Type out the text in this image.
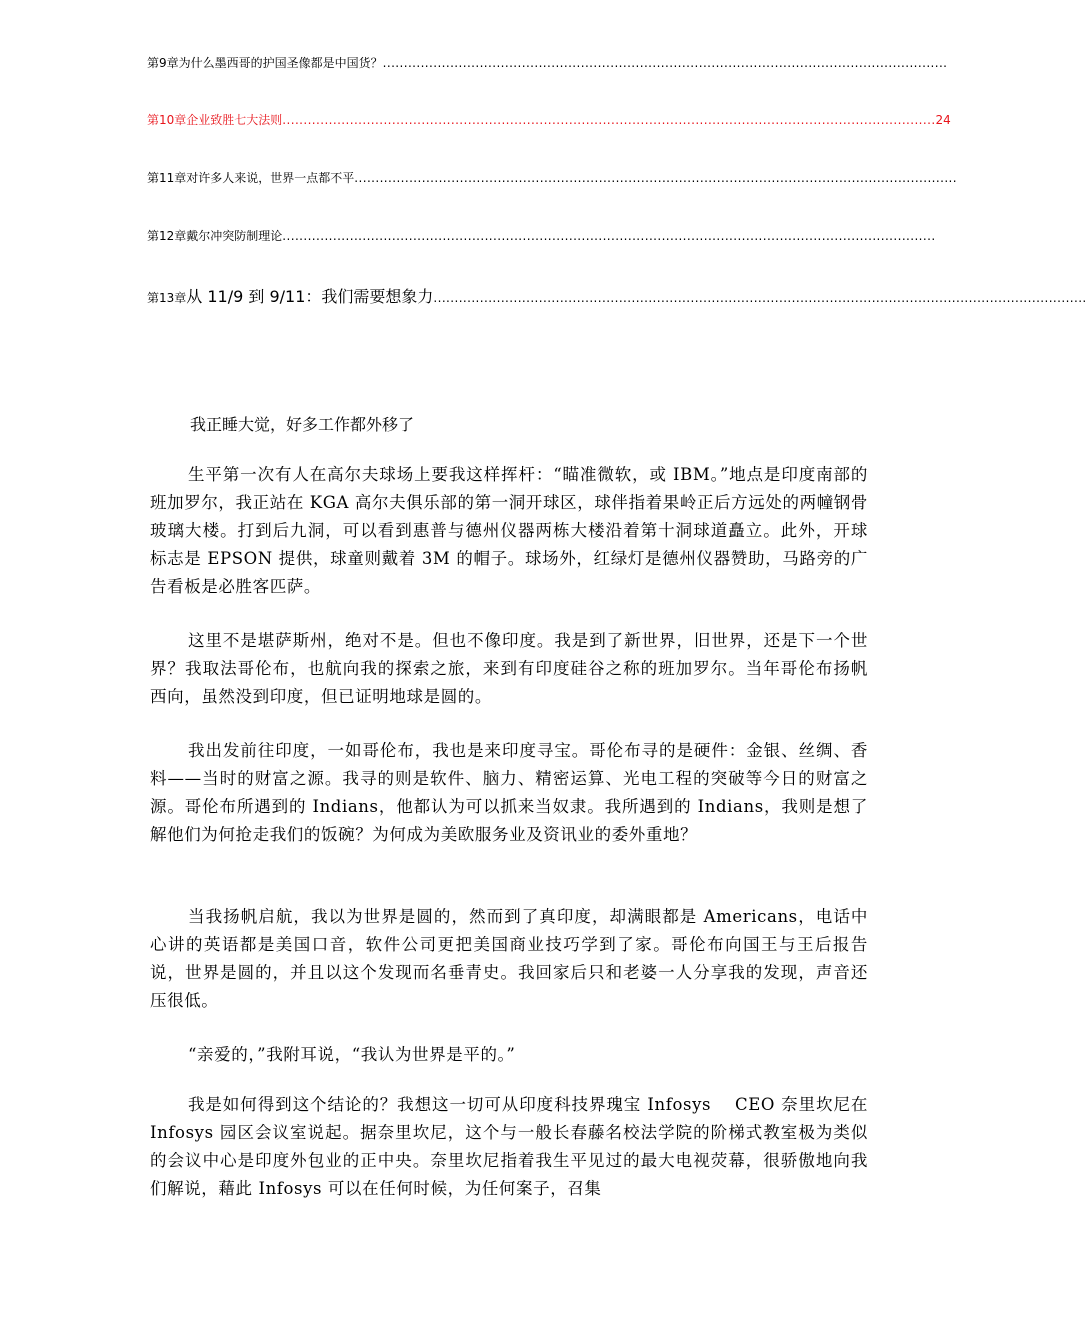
第9章 为什么墨西哥的护国圣像都是中国货？ ......................................................................................................................................
第10章 企业致胜七大法则 ........................................................................................................................................................... 24
第11章 对许多人来说，世界一点都不平 ...............................................................................................................................................
第12章 戴尔冲突防制理论 ...........................................................................................................................................................
第13章 从 11/9 到 9/11：我们需要想象力 ...........................................................................................................................................................
我正睡大觉，好多工作都外移了

生平第一次有人在高尔夫球场上要我这样挥杆：“瞄准微软，或 IBM。”地点是印度南部的班加罗尔，我正站在 KGA 高尔夫俱乐部的第一洞开球区，球伴指着果岭正后方远处的两幢钢骨玻璃大楼。打到后九洞，可以看到惠普与德州仪器两栋大楼沿着第十洞球道矗立。此外，开球标志是 EPSON 提供，球童则戴着 3M 的帽子。球场外，红绿灯是德州仪器赞助，马路旁的广告看板是必胜客匹萨。

这里不是堪萨斯州，绝对不是。但也不像印度。我是到了新世界，旧世界，还是下一个世界？我取法哥伦布，也航向我的探索之旅，来到有印度硅谷之称的班加罗尔。当年哥伦布扬帆西向，虽然没到印度，但已证明地球是圆的。

我出发前往印度，一如哥伦布，我也是来印度寻宝。哥伦布寻的是硬件：金银、丝绸、香料——当时的财富之源。我寻的则是软件、脑力、精密运算、光电工程的突破等今日的财富之源。哥伦布所遇到的 Indians，他都认为可以抓来当奴隶。我所遇到的 Indians，我则是想了解他们为何抢走我们的饭碗？为何成为美欧服务业及资讯业的委外重地？

当我扬帆启航，我以为世界是圆的，然而到了真印度，却满眼都是 Americans，电话中心讲的英语都是美国口音，软件公司更把美国商业技巧学到了家。哥伦布向国王与王后报告说，世界是圆的，并且以这个发现而名垂青史。我回家后只和老婆一人分享我的发现，声音还压很低。

“亲爱的，”我附耳说，“我认为世界是平的。”

我是如何得到这个结论的？我想这一切可从印度科技界瑰宝 Infosys　 CEO 奈里坎尼在 Infosys 园区会议室说起。据奈里坎尼，这个与一般长春藤名校法学院的阶梯式教室极为类似的会议中心是印度外包业的正中央。奈里坎尼指着我生平见过的最大电视荧幕，很骄傲地向我们解说，藉此 Infosys 可以在任何时候，为任何案子，召集
